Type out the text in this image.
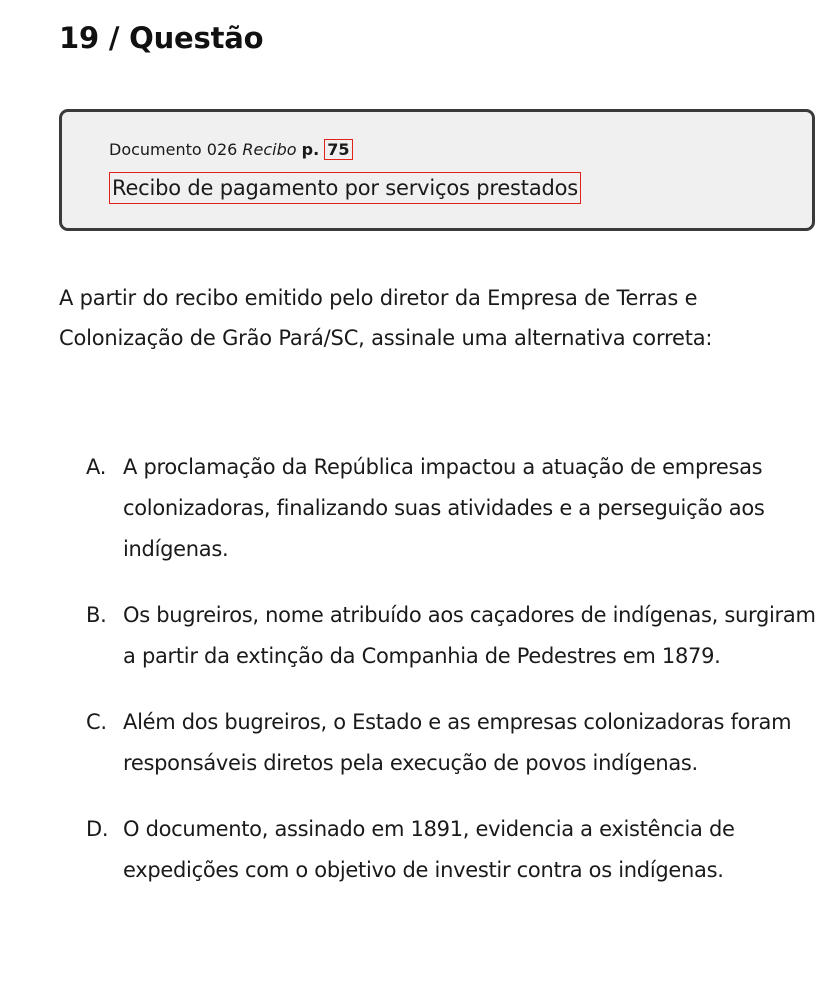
19 / Questão
Documento 026 Recibo p. 75
Recibo de pagamento por serviços prestados

A partir do recibo emitido pelo diretor da Empresa de Terras e Colonização de Grão Pará/SC, assinale uma alternativa correta:

A. A proclamação da República impactou a atuação de empresas colonizadoras, finalizando suas atividades e a perseguição aos indígenas.
B. Os bugreiros, nome atribuído aos caçadores de indígenas, surgiram a partir da extinção da Companhia de Pedestres em 1879.
C. Além dos bugreiros, o Estado e as empresas colonizadoras foram responsáveis diretos pela execução de povos indígenas.
D. O documento, assinado em 1891, evidencia a existência de expedições com o objetivo de investir contra os indígenas.
